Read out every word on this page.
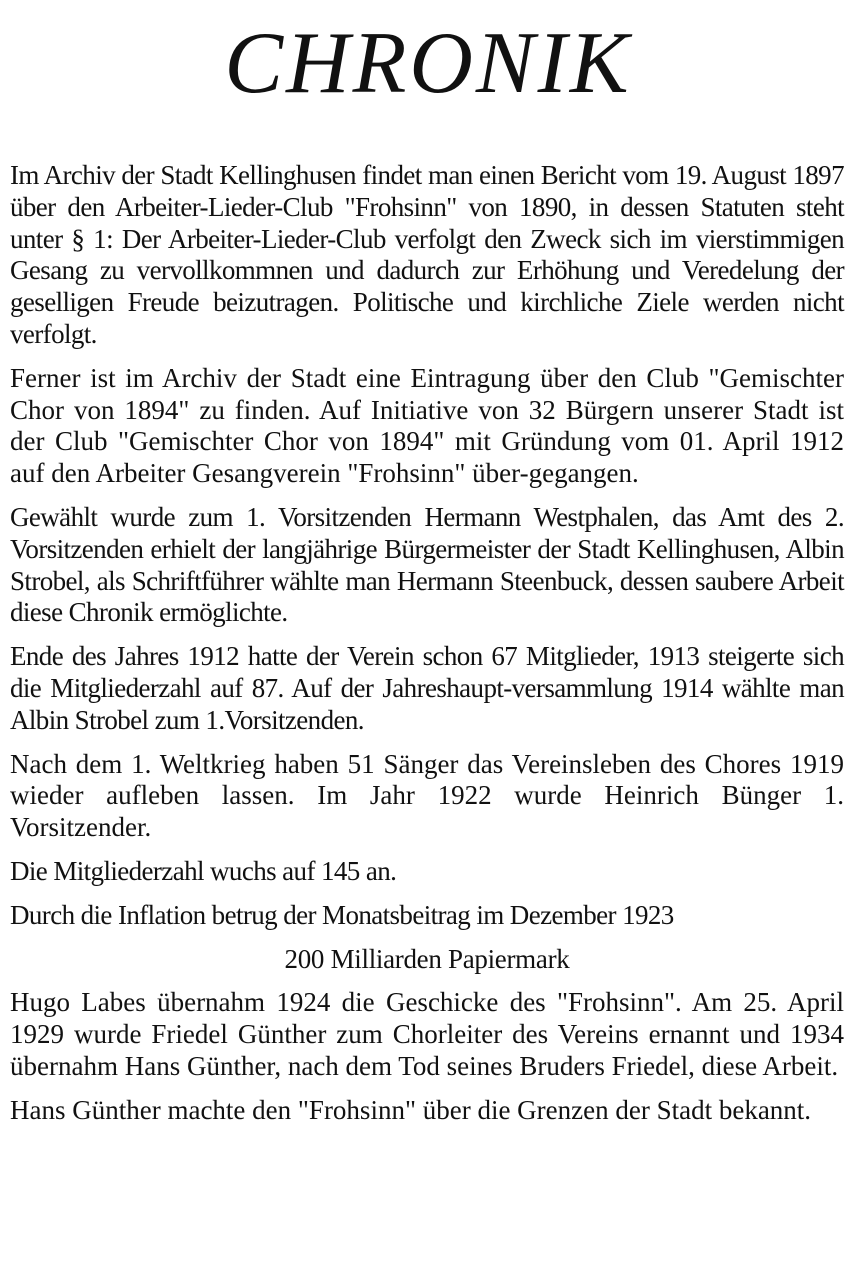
CHRONIK

Im Archiv der Stadt Kellinghusen findet man einen Bericht vom 19. August 1897 über den Arbeiter-Lieder-Club "Frohsinn" von 1890, in dessen Statuten steht unter § 1: Der Arbeiter-Lieder-Club verfolgt den Zweck sich im vierstimmigen Gesang zu vervollkommnen und dadurch zur Erhöhung und Veredelung der geselligen Freude beizutragen. Politische und kirchliche Ziele werden nicht verfolgt.

Ferner ist im Archiv der Stadt eine Eintragung über den Club "Gemischter Chor von 1894" zu finden. Auf Initiative von 32 Bürgern unserer Stadt ist der Club "Gemischter Chor von 1894" mit Gründung vom 01. April 1912 auf den Arbeiter Gesangverein "Frohsinn" über-gegangen.

Gewählt wurde zum 1. Vorsitzenden Hermann Westphalen, das Amt des 2. Vorsitzenden erhielt der langjährige Bürgermeister der Stadt Kellinghusen, Albin Strobel, als Schriftführer wählte man Hermann Steenbuck, dessen saubere Arbeit diese Chronik ermöglichte.

Ende des Jahres 1912 hatte der Verein schon 67 Mitglieder, 1913 steigerte sich die Mitgliederzahl auf 87. Auf der Jahreshaupt-versammlung 1914 wählte man Albin Strobel zum 1.Vorsitzenden.

Nach dem 1. Weltkrieg haben 51 Sänger das Vereinsleben des Chores 1919 wieder aufleben lassen. Im Jahr 1922 wurde Heinrich Bünger 1. Vorsitzender.

Die Mitgliederzahl wuchs auf 145 an.

Durch die Inflation betrug der Monatsbeitrag im Dezember 1923

200 Milliarden Papiermark

Hugo Labes übernahm 1924 die Geschicke des "Frohsinn". Am 25. April 1929 wurde Friedel Günther zum Chorleiter des Vereins ernannt und 1934 übernahm Hans Günther, nach dem Tod seines Bruders Friedel, diese Arbeit.

Hans Günther machte den "Frohsinn" über die Grenzen der Stadt bekannt.
